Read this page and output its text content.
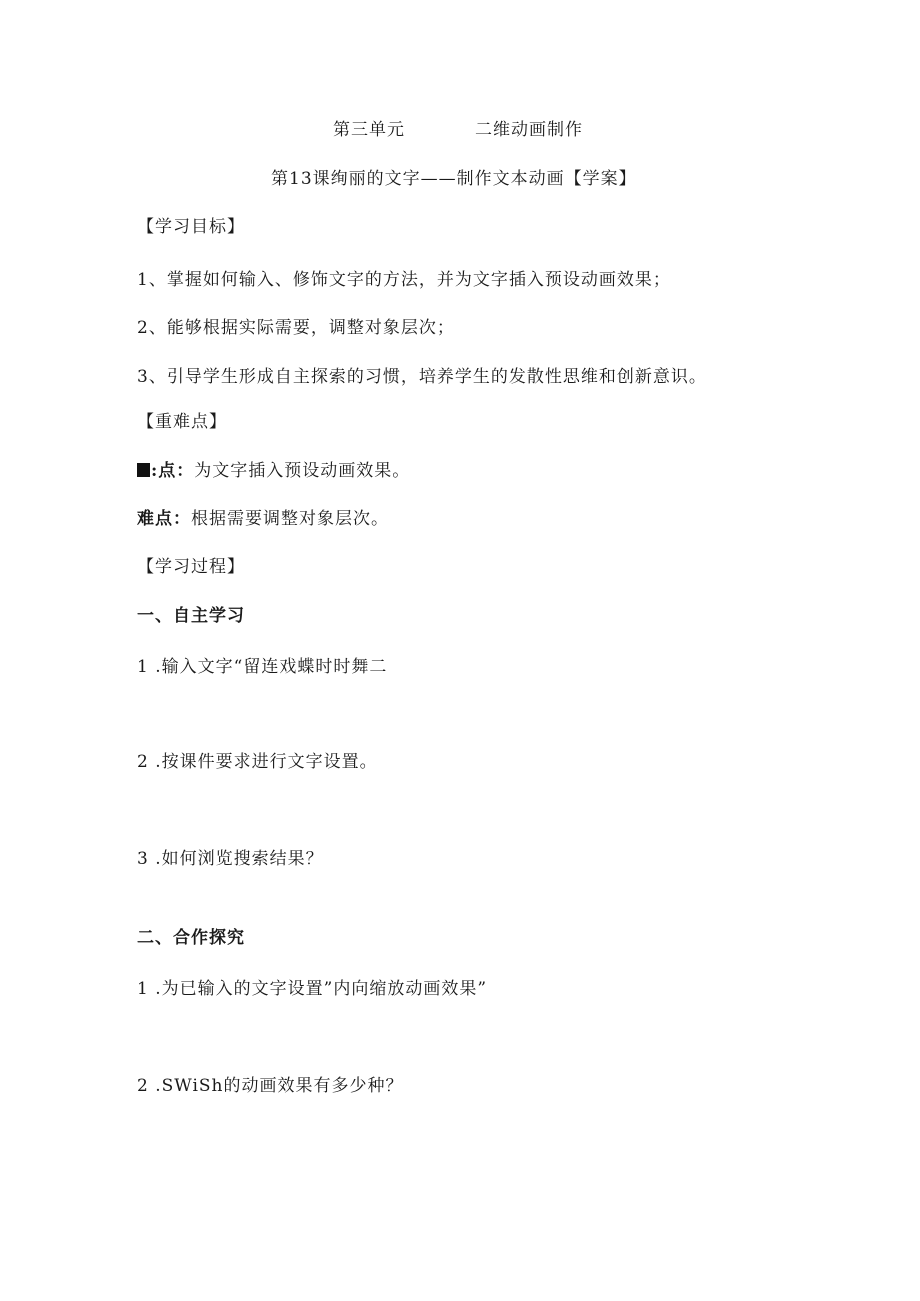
第三单元	二维动画制作
第13课绚丽的文字——制作文本动画【学案】
【学习目标】
1、掌握如何输入、修饰文字的方法，并为文字插入预设动画效果；
2、能够根据实际需要，调整对象层次；
3、引导学生形成自主探索的习惯，培养学生的发散性思维和创新意识。
【重难点】
:点：为文字插入预设动画效果。
难点：根据需要调整对象层次。
【学习过程】
一、自主学习
1 .输入文字“留连戏蝶时时舞二
2 .按课件要求进行文字设置。
3 .如何浏览搜索结果？
二、合作探究
1 .为已输入的文字设置”内向缩放动画效果”
2 .SWiSh的动画效果有多少种？
